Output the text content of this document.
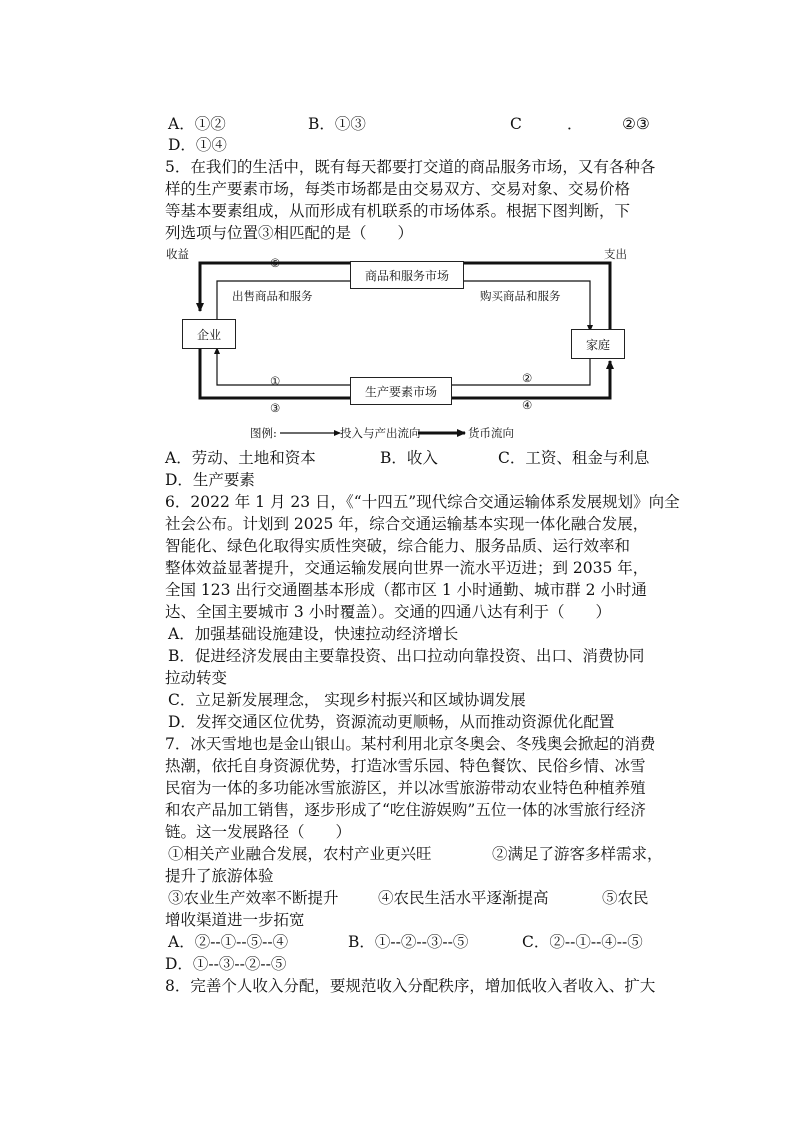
A．①②	B．①③	C	．	②③
D．①④
5．在我们的生活中，既有每天都要打交道的商品服务市场，又有各种各
样的生产要素市场，每类市场都是由交易双方、交易对象、交易价格
等基本要素组成，从而形成有机联系的市场体系。根据下图判断，下
列选项与位置③相匹配的是（　　）
收益	支出
⑤
商品和服务市场
出售商品和服务	购买商品和服务
企业
家庭
①	②
生产要素市场
③	④
图例:	投入与产出流向	货币流向
A．劳动、土地和资本	B．收入	C．工资、租金与利息
D．生产要素
6．2022 年 1 月 23 日，《“十四五”现代综合交通运输体系发展规划》向全
社会公布。计划到 2025 年，综合交通运输基本实现一体化融合发展，
智能化、绿色化取得实质性突破，综合能力、服务品质、运行效率和
整体效益显著提升，交通运输发展向世界一流水平迈进；到 2035 年，
全国 123 出行交通圈基本形成（都市区 1 小时通勤、城市群 2 小时通
达、全国主要城市 3 小时覆盖）。交通的四通八达有利于（　　）
A．加强基础设施建设，快速拉动经济增长
B．促进经济发展由主要靠投资、出口拉动向靠投资、出口、消费协同
拉动转变
C．立足新发展理念， 实现乡村振兴和区域协调发展
D．发挥交通区位优势，资源流动更顺畅，从而推动资源优化配置
7．冰天雪地也是金山银山。某村利用北京冬奥会、冬残奥会掀起的消费
热潮，依托自身资源优势，打造冰雪乐园、特色餐饮、民俗乡情、冰雪
民宿为一体的多功能冰雪旅游区，并以冰雪旅游带动农业特色种植养殖
和农产品加工销售，逐步形成了“吃住游娱购”五位一体的冰雪旅行经济
链。这一发展路径（　　）
①相关产业融合发展，农村产业更兴旺	②满足了游客多样需求，
提升了旅游体验
③农业生产效率不断提升	④农民生活水平逐渐提高	⑤农民
增收渠道进一步拓宽
A．②--①--⑤--④	B．①--②--③--⑤	C．②--①--④--⑤
D．①--③--②--⑤
8．完善个人收入分配，要规范收入分配秩序，增加低收入者收入、扩大
